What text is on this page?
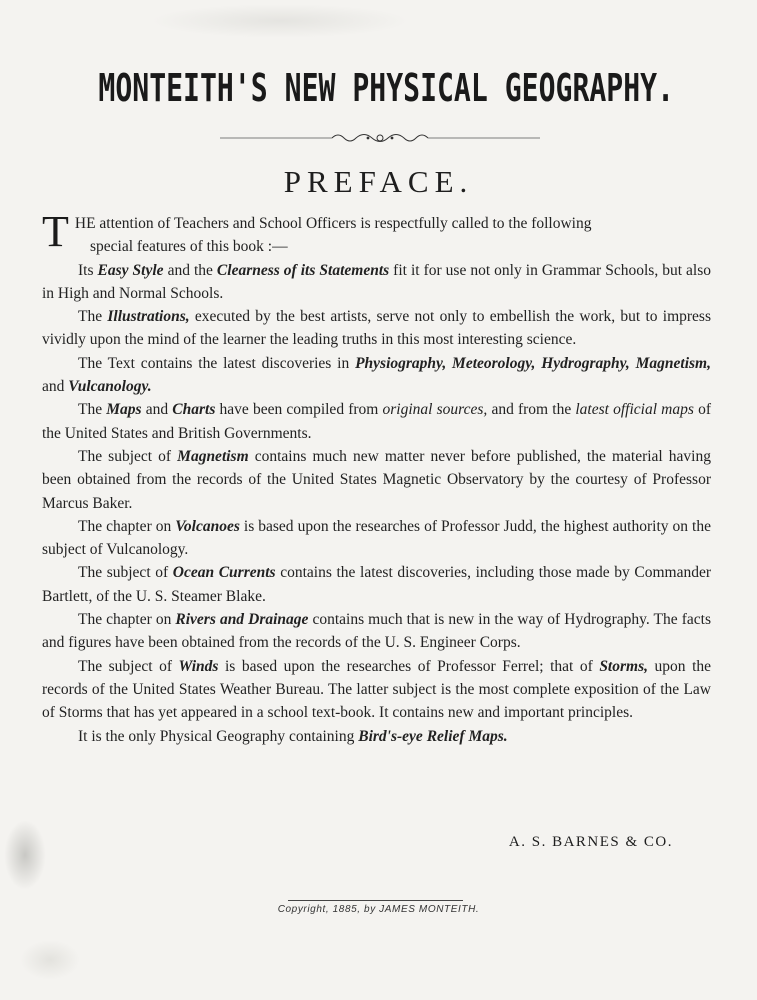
MONTEITH'S NEW PHYSICAL GEOGRAPHY.
PREFACE.

T HE attention of Teachers and School Officers is respectfully called to the following
special features of this book :—

Its Easy Style and the Clearness of its Statements fit it for use not only in Grammar Schools, but also in High and Normal Schools.

The Illustrations, executed by the best artists, serve not only to embellish the work, but to impress vividly upon the mind of the learner the leading truths in this most interesting science.

The Text contains the latest discoveries in Physiography, Meteorology, Hydrography, Magnetism, and Vulcanology.

The Maps and Charts have been compiled from original sources, and from the latest official maps of the United States and British Governments.

The subject of Magnetism contains much new matter never before published, the material having been obtained from the records of the United States Magnetic Observatory by the courtesy of Professor Marcus Baker.

The chapter on Volcanoes is based upon the researches of Professor Judd, the highest authority on the subject of Vulcanology.

The subject of Ocean Currents contains the latest discoveries, including those made by Commander Bartlett, of the U. S. Steamer Blake.

The chapter on Rivers and Drainage contains much that is new in the way of Hydrography. The facts and figures have been obtained from the records of the U. S. Engineer Corps.

The subject of Winds is based upon the researches of Professor Ferrel; that of Storms, upon the records of the United States Weather Bureau. The latter subject is the most complete exposition of the Law of Storms that has yet appeared in a school text-book. It contains new and important principles.

It is the only Physical Geography containing Bird's-eye Relief Maps.

A. S. BARNES & CO.
Copyright, 1885, by JAMES MONTEITH.
